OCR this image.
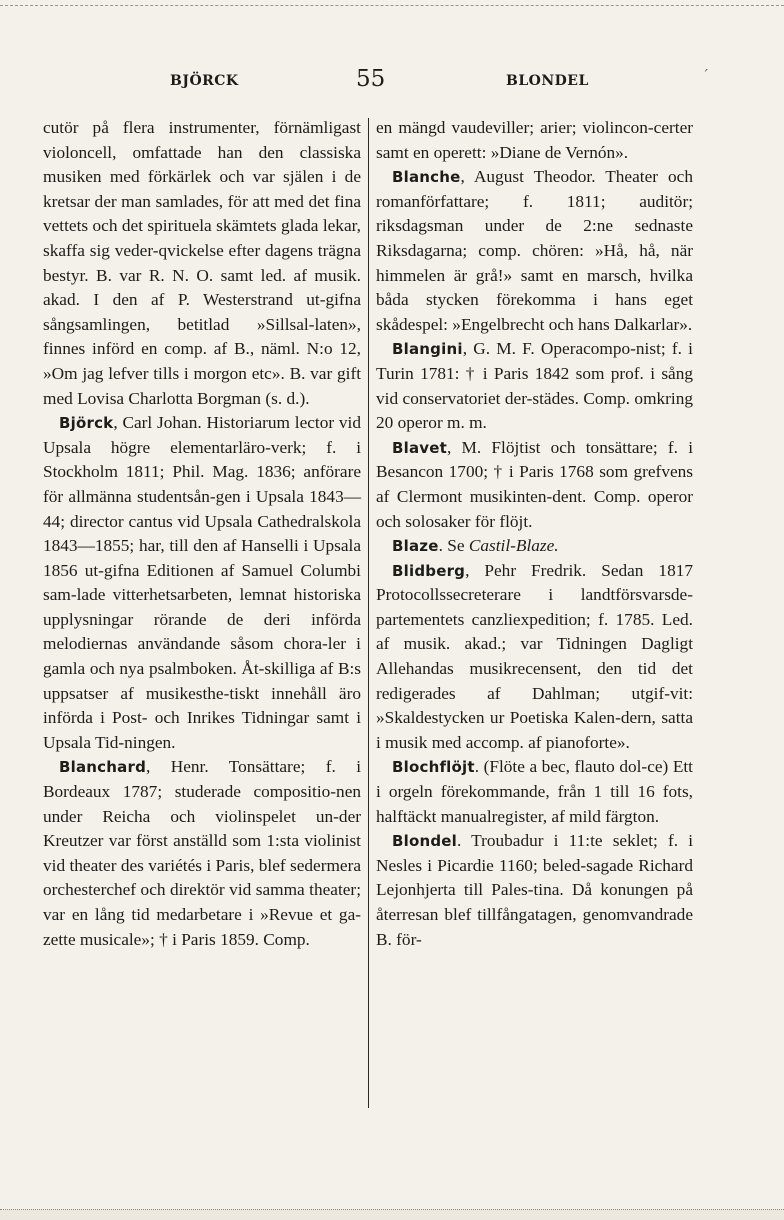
BJÖRCK	55	BLONDEL	ˊ

cutör på flera instrumenter, förnämligast violoncell, omfattade han den classiska musiken med förkärlek och var själen i de kretsar der man samlades, för att med det fina vettets och det spirituela skämtets glada lekar, skaffa sig veder-qvickelse efter dagens trägna bestyr. B. var R. N. O. samt led. af musik. akad. I den af P. Westerstrand ut-gifna sångsamlingen, betitlad »Sillsal-laten», finnes införd en comp. af B., näml. N:o 12, »Om jag lefver tills i morgon etc». B. var gift med Lovisa Charlotta Borgman (s. d.).

Björck, Carl Johan. Historiarum lector vid Upsala högre elementarläro-verk; f. i Stockholm 1811; Phil. Mag. 1836; anförare för allmänna studentsån-gen i Upsala 1843—44; director cantus vid Upsala Cathedralskola 1843—1855; har, till den af Hanselli i Upsala 1856 ut-gifna Editionen af Samuel Columbi sam-lade vitterhetsarbeten, lemnat historiska upplysningar rörande de deri införda melodiernas användande såsom chora-ler i gamla och nya psalmboken. Åt-skilliga af B:s uppsatser af musikesthe-tiskt innehåll äro införda i Post- och Inrikes Tidningar samt i Upsala Tid-ningen.

Blanchard, Henr. Tonsättare; f. i Bordeaux 1787; studerade compositio-nen under Reicha och violinspelet un-der Kreutzer var först anställd som 1:sta violinist vid theater des variétés i Paris, blef sedermera orchesterchef och direktör vid samma theater; var en lång tid medarbetare i »Revue et ga-zette musicale»; † i Paris 1859. Comp.

en mängd vaudeviller; arier; violincon-certer samt en operett: »Diane de Vernón».

Blanche, August Theodor. Theater och romanförfattare; f. 1811; auditör; riksdagsman under de 2:ne sednaste Riksdagarna; comp. chören: »Hå, hå, när himmelen är grå!» samt en marsch, hvilka båda stycken förekomma i hans eget skådespel: »Engelbrecht och hans Dalkarlar».

Blangini, G. M. F. Operacompo-nist; f. i Turin 1781: † i Paris 1842 som prof. i sång vid conservatoriet der-städes. Comp. omkring 20 operor m. m.

Blavet, M. Flöjtist och tonsättare; f. i Besancon 1700; † i Paris 1768 som grefvens af Clermont musikinten-dent. Comp. operor och solosaker för flöjt.

Blaze. Se Castil-Blaze.

Blidberg, Pehr Fredrik. Sedan 1817 Protocollssecreterare i landtförsvarsde-partementets canzliexpedition; f. 1785. Led. af musik. akad.; var Tidningen Dagligt Allehandas musikrecensent, den tid det redigerades af Dahlman; utgif-vit: »Skaldestycken ur Poetiska Kalen-dern, satta i musik med accomp. af pianoforte».

Blochflöjt. (Flöte a bec, flauto dol-ce) Ett i orgeln förekommande, från 1 till 16 fots, halftäckt manualregister, af mild färgton.

Blondel. Troubadur i 11:te seklet; f. i Nesles i Picardie 1160; beled-sagade Richard Lejonhjerta till Pales-tina. Då konungen på återresan blef tillfångatagen, genomvandrade B. för-
